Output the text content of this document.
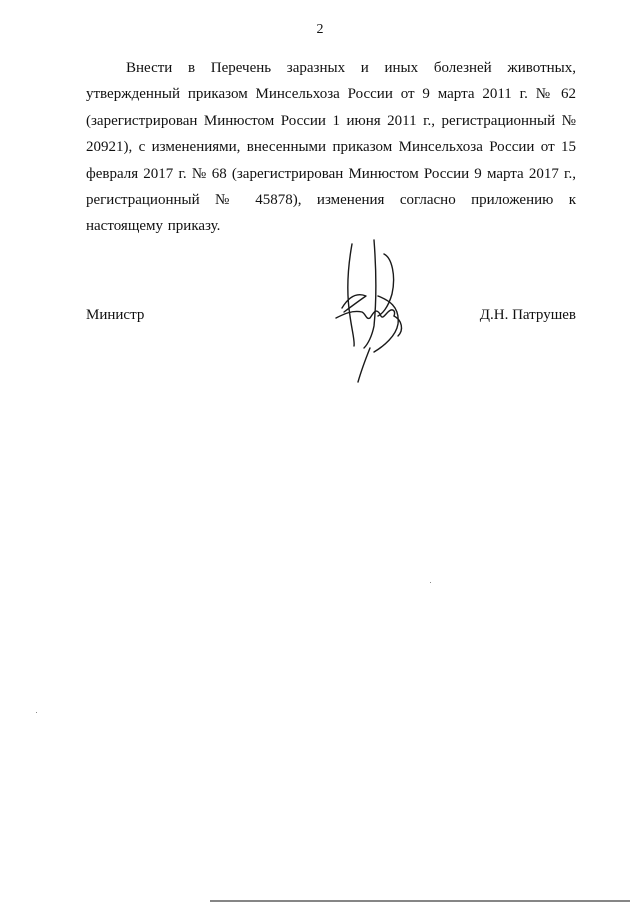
2

Внести в Перечень заразных и иных болезней животных, утвержденный приказом Минсельхоза России от 9 марта 2011 г. № 62 (зарегистрирован Минюстом России 1 июня 2011 г., регистрационный № 20921), с изменениями, внесенными приказом Минсельхоза России от 15 февраля 2017 г. № 68 (зарегистрирован Минюстом России 9 марта 2017 г., регистрационный № 45878), изменения согласно приложению к настоящему приказу.

Министр	Д.Н. Патрушев
